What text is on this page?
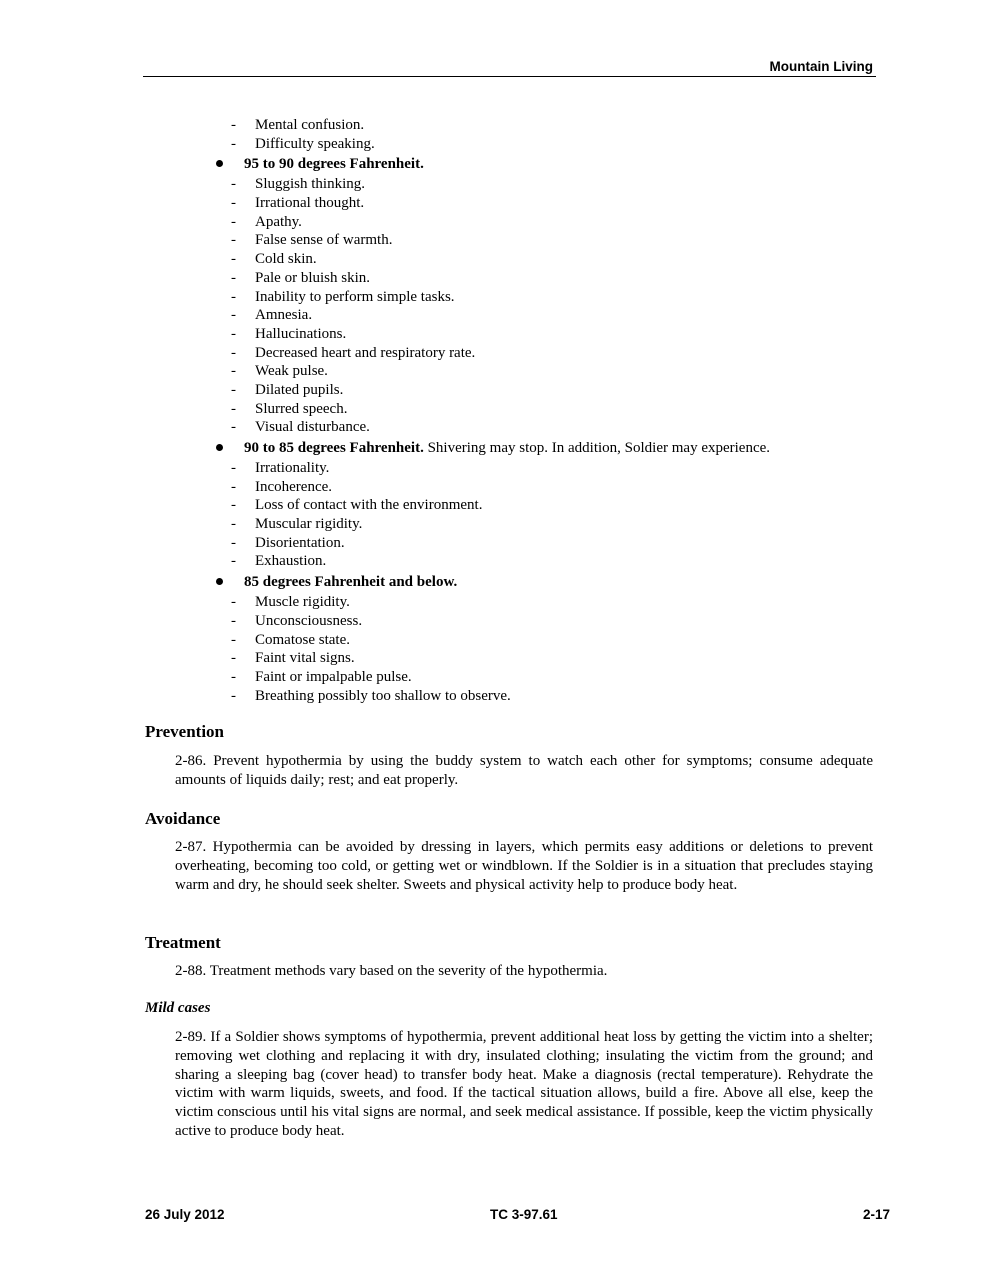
Mountain Living
- Mental confusion.
- Difficulty speaking.
95 to 90 degrees Fahrenheit.
- Sluggish thinking.
- Irrational thought.
- Apathy.
- False sense of warmth.
- Cold skin.
- Pale or bluish skin.
- Inability to perform simple tasks.
- Amnesia.
- Hallucinations.
- Decreased heart and respiratory rate.
- Weak pulse.
- Dilated pupils.
- Slurred speech.
- Visual disturbance.
90 to 85 degrees Fahrenheit. Shivering may stop. In addition, Soldier may experience.
- Irrationality.
- Incoherence.
- Loss of contact with the environment.
- Muscular rigidity.
- Disorientation.
- Exhaustion.
85 degrees Fahrenheit and below.
- Muscle rigidity.
- Unconsciousness.
- Comatose state.
- Faint vital signs.
- Faint or impalpable pulse.
- Breathing possibly too shallow to observe.
Prevention

2-86. Prevent hypothermia by using the buddy system to watch each other for symptoms; consume adequate amounts of liquids daily; rest; and eat properly.

Avoidance

2-87. Hypothermia can be avoided by dressing in layers, which permits easy additions or deletions to prevent overheating, becoming too cold, or getting wet or windblown. If the Soldier is in a situation that precludes staying warm and dry, he should seek shelter. Sweets and physical activity help to produce body heat.

Treatment

2-88. Treatment methods vary based on the severity of the hypothermia.

Mild cases

2-89. If a Soldier shows symptoms of hypothermia, prevent additional heat loss by getting the victim into a shelter; removing wet clothing and replacing it with dry, insulated clothing; insulating the victim from the ground; and sharing a sleeping bag (cover head) to transfer body heat. Make a diagnosis (rectal temperature). Rehydrate the victim with warm liquids, sweets, and food. If the tactical situation allows, build a fire. Above all else, keep the victim conscious until his vital signs are normal, and seek medical assistance. If possible, keep the victim physically active to produce body heat.

26 July 2012	TC 3-97.61	2-17
